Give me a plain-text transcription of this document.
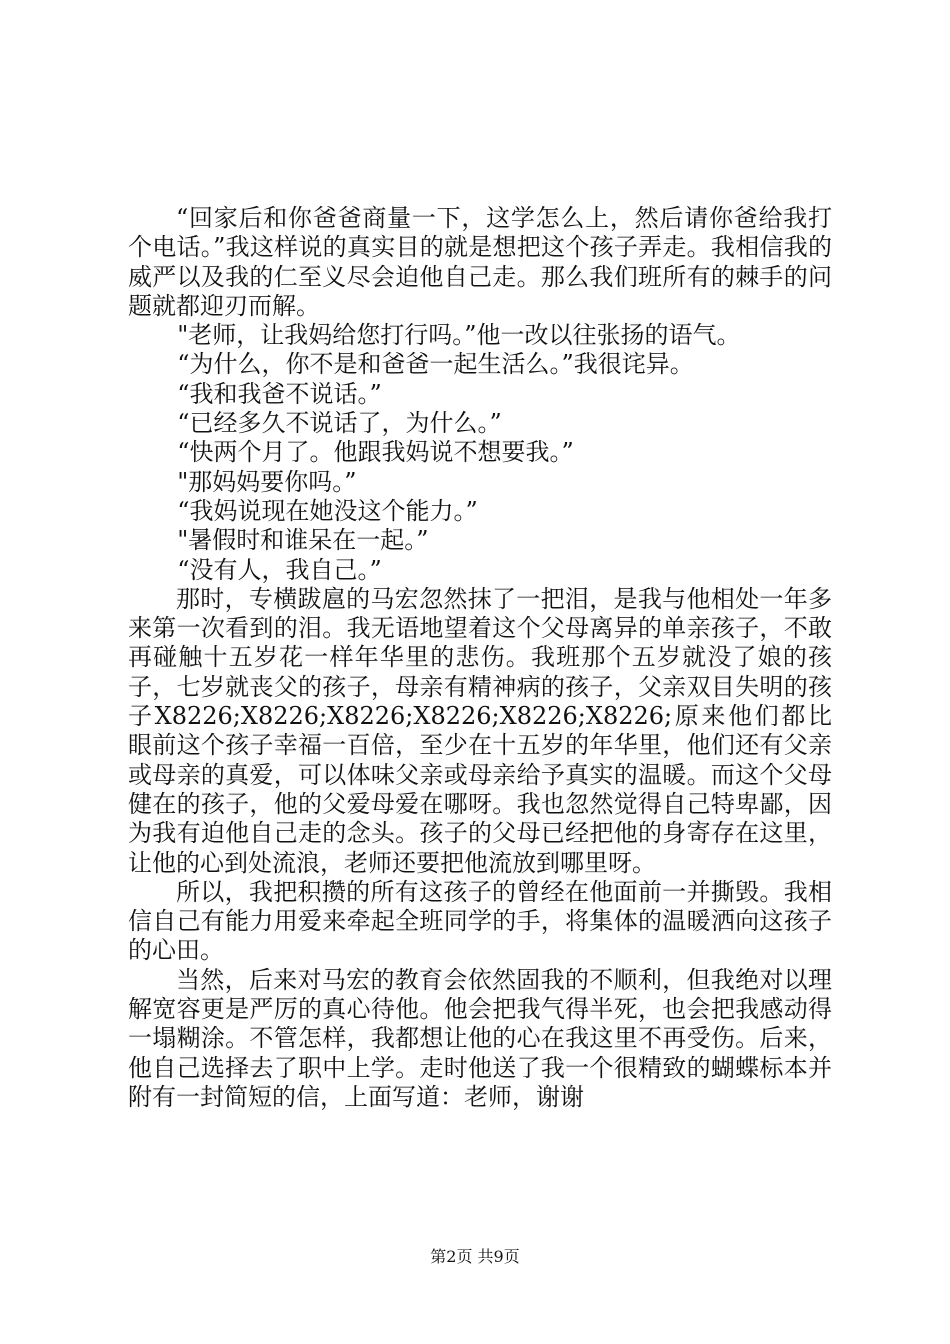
“回家后和你爸爸商量一下，这学怎么上，然后请你爸给我打个电话。”我这样说的真实目的就是想把这个孩子弄走。我相信我的威严以及我的仁至义尽会迫他自己走。那么我们班所有的棘手的问题就都迎刃而解。

"老师，让我妈给您打行吗。”他一改以往张扬的语气。

“为什么，你不是和爸爸一起生活么。”我很诧异。

“我和我爸不说话。”

“已经多久不说话了，为什么。”

“快两个月了。他跟我妈说不想要我。”

"那妈妈要你吗。”

“我妈说现在她没这个能力。”

"暑假时和谁呆在一起。”

“没有人，我自己。”

那时，专横跋扈的马宏忽然抹了一把泪，是我与他相处一年多来第一次看到的泪。我无语地望着这个父母离异的单亲孩子，不敢再碰触十五岁花一样年华里的悲伤。我班那个五岁就没了娘的孩子，七岁就丧父的孩子，母亲有精神病的孩子，父亲双目失明的孩子X8226;X8226;X8226;X8226;X8226;X8226;原来他们都比眼前这个孩子幸福一百倍，至少在十五岁的年华里，他们还有父亲或母亲的真爱，可以体味父亲或母亲给予真实的温暖。而这个父母健在的孩子，他的父爱母爱在哪呀。我也忽然觉得自己特卑鄙，因为我有迫他自己走的念头。孩子的父母已经把他的身寄存在这里，让他的心到处流浪，老师还要把他流放到哪里呀。

所以，我把积攒的所有这孩子的曾经在他面前一并撕毁。我相信自己有能力用爱来牵起全班同学的手，将集体的温暖洒向这孩子的心田。

当然，后来对马宏的教育会依然固我的不顺利，但我绝对以理解宽容更是严厉的真心待他。他会把我气得半死，也会把我感动得一塌糊涂。不管怎样，我都想让他的心在我这里不再受伤。后来，他自己选择去了职中上学。走时他送了我一个很精致的蝴蝶标本并附有一封简短的信，上面写道：老师，谢谢

第2页 共9页
